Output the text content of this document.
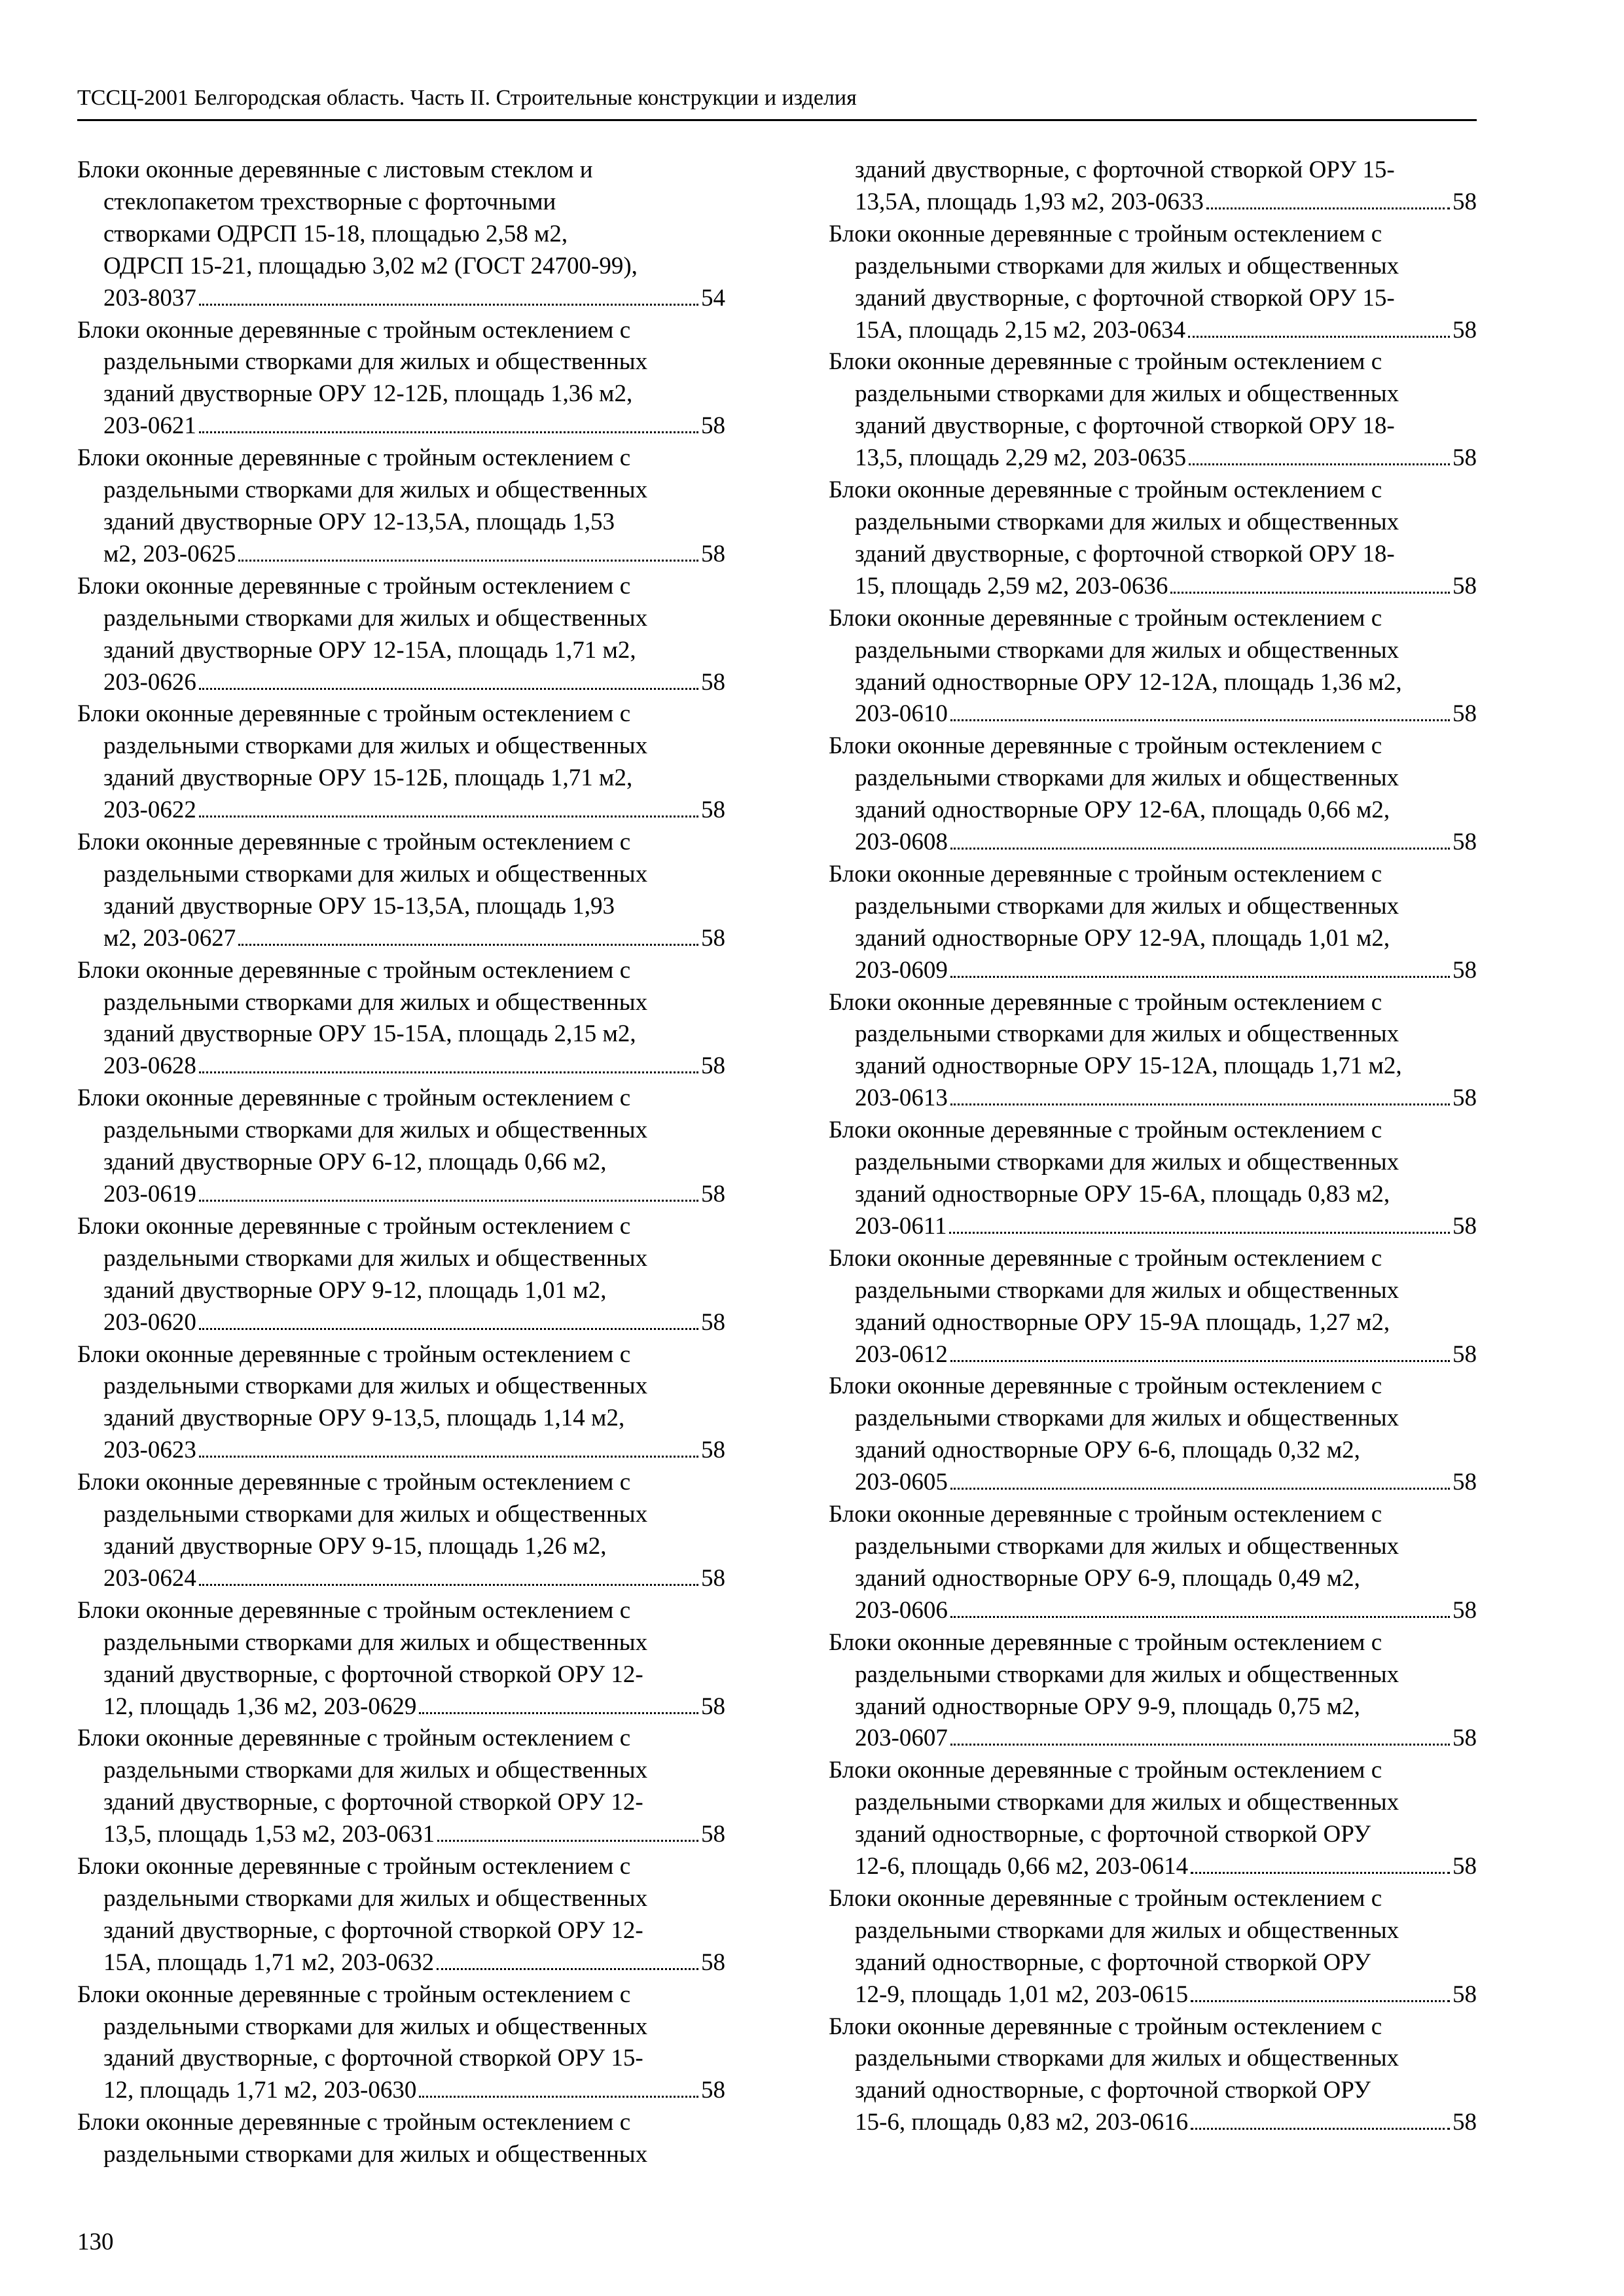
ТССЦ-2001 Белгородская область. Часть II. Строительные конструкции и изделия
Блоки оконные деревянные с листовым стеклом и
стеклопакетом трехстворные с форточными
створками ОДРСП 15-18, площадью 2,58 м2,
ОДРСП 15-21, площадью 3,02 м2 (ГОСТ 24700-99),
203-8037	54
Блоки оконные деревянные с тройным остеклением с
раздельными створками для жилых и общественных
зданий двустворные ОРУ 12-12Б, площадь 1,36 м2,
203-0621	58
Блоки оконные деревянные с тройным остеклением с
раздельными створками для жилых и общественных
зданий двустворные ОРУ 12-13,5А, площадь 1,53
м2, 203-0625	58
Блоки оконные деревянные с тройным остеклением с
раздельными створками для жилых и общественных
зданий двустворные ОРУ 12-15А, площадь 1,71 м2,
203-0626	58
Блоки оконные деревянные с тройным остеклением с
раздельными створками для жилых и общественных
зданий двустворные ОРУ 15-12Б, площадь 1,71 м2,
203-0622	58
Блоки оконные деревянные с тройным остеклением с
раздельными створками для жилых и общественных
зданий двустворные ОРУ 15-13,5А, площадь 1,93
м2, 203-0627	58
Блоки оконные деревянные с тройным остеклением с
раздельными створками для жилых и общественных
зданий двустворные ОРУ 15-15А, площадь 2,15 м2,
203-0628	58
Блоки оконные деревянные с тройным остеклением с
раздельными створками для жилых и общественных
зданий двустворные ОРУ 6-12, площадь 0,66 м2,
203-0619	58
Блоки оконные деревянные с тройным остеклением с
раздельными створками для жилых и общественных
зданий двустворные ОРУ 9-12, площадь 1,01 м2,
203-0620	58
Блоки оконные деревянные с тройным остеклением с
раздельными створками для жилых и общественных
зданий двустворные ОРУ 9-13,5, площадь 1,14 м2,
203-0623	58
Блоки оконные деревянные с тройным остеклением с
раздельными створками для жилых и общественных
зданий двустворные ОРУ 9-15, площадь 1,26 м2,
203-0624	58
Блоки оконные деревянные с тройным остеклением с
раздельными створками для жилых и общественных
зданий двустворные, с форточной створкой ОРУ 12-
12, площадь 1,36 м2, 203-0629	58
Блоки оконные деревянные с тройным остеклением с
раздельными створками для жилых и общественных
зданий двустворные, с форточной створкой ОРУ 12-
13,5, площадь 1,53 м2, 203-0631	58
Блоки оконные деревянные с тройным остеклением с
раздельными створками для жилых и общественных
зданий двустворные, с форточной створкой ОРУ 12-
15А, площадь 1,71 м2, 203-0632	58
Блоки оконные деревянные с тройным остеклением с
раздельными створками для жилых и общественных
зданий двустворные, с форточной створкой ОРУ 15-
12, площадь 1,71 м2, 203-0630	58
Блоки оконные деревянные с тройным остеклением с
раздельными створками для жилых и общественных
зданий двустворные, с форточной створкой ОРУ 15-
13,5А, площадь 1,93 м2, 203-0633	58
Блоки оконные деревянные с тройным остеклением с
раздельными створками для жилых и общественных
зданий двустворные, с форточной створкой ОРУ 15-
15А, площадь 2,15 м2, 203-0634	58
Блоки оконные деревянные с тройным остеклением с
раздельными створками для жилых и общественных
зданий двустворные, с форточной створкой ОРУ 18-
13,5, площадь 2,29 м2, 203-0635	58
Блоки оконные деревянные с тройным остеклением с
раздельными створками для жилых и общественных
зданий двустворные, с форточной створкой ОРУ 18-
15, площадь 2,59 м2, 203-0636	58
Блоки оконные деревянные с тройным остеклением с
раздельными створками для жилых и общественных
зданий одностворные ОРУ 12-12А, площадь 1,36 м2,
203-0610	58
Блоки оконные деревянные с тройным остеклением с
раздельными створками для жилых и общественных
зданий одностворные ОРУ 12-6А, площадь 0,66 м2,
203-0608	58
Блоки оконные деревянные с тройным остеклением с
раздельными створками для жилых и общественных
зданий одностворные ОРУ 12-9А, площадь 1,01 м2,
203-0609	58
Блоки оконные деревянные с тройным остеклением с
раздельными створками для жилых и общественных
зданий одностворные ОРУ 15-12А, площадь 1,71 м2,
203-0613	58
Блоки оконные деревянные с тройным остеклением с
раздельными створками для жилых и общественных
зданий одностворные ОРУ 15-6А, площадь 0,83 м2,
203-0611	58
Блоки оконные деревянные с тройным остеклением с
раздельными створками для жилых и общественных
зданий одностворные ОРУ 15-9А площадь, 1,27 м2,
203-0612	58
Блоки оконные деревянные с тройным остеклением с
раздельными створками для жилых и общественных
зданий одностворные ОРУ 6-6, площадь 0,32 м2,
203-0605	58
Блоки оконные деревянные с тройным остеклением с
раздельными створками для жилых и общественных
зданий одностворные ОРУ 6-9, площадь 0,49 м2,
203-0606	58
Блоки оконные деревянные с тройным остеклением с
раздельными створками для жилых и общественных
зданий одностворные ОРУ 9-9, площадь 0,75 м2,
203-0607	58
Блоки оконные деревянные с тройным остеклением с
раздельными створками для жилых и общественных
зданий одностворные, с форточной створкой ОРУ
12-6, площадь 0,66 м2, 203-0614	58
Блоки оконные деревянные с тройным остеклением с
раздельными створками для жилых и общественных
зданий одностворные, с форточной створкой ОРУ
12-9, площадь 1,01 м2, 203-0615	58
Блоки оконные деревянные с тройным остеклением с
раздельными створками для жилых и общественных
зданий одностворные, с форточной створкой ОРУ
15-6, площадь 0,83 м2, 203-0616	58
130
